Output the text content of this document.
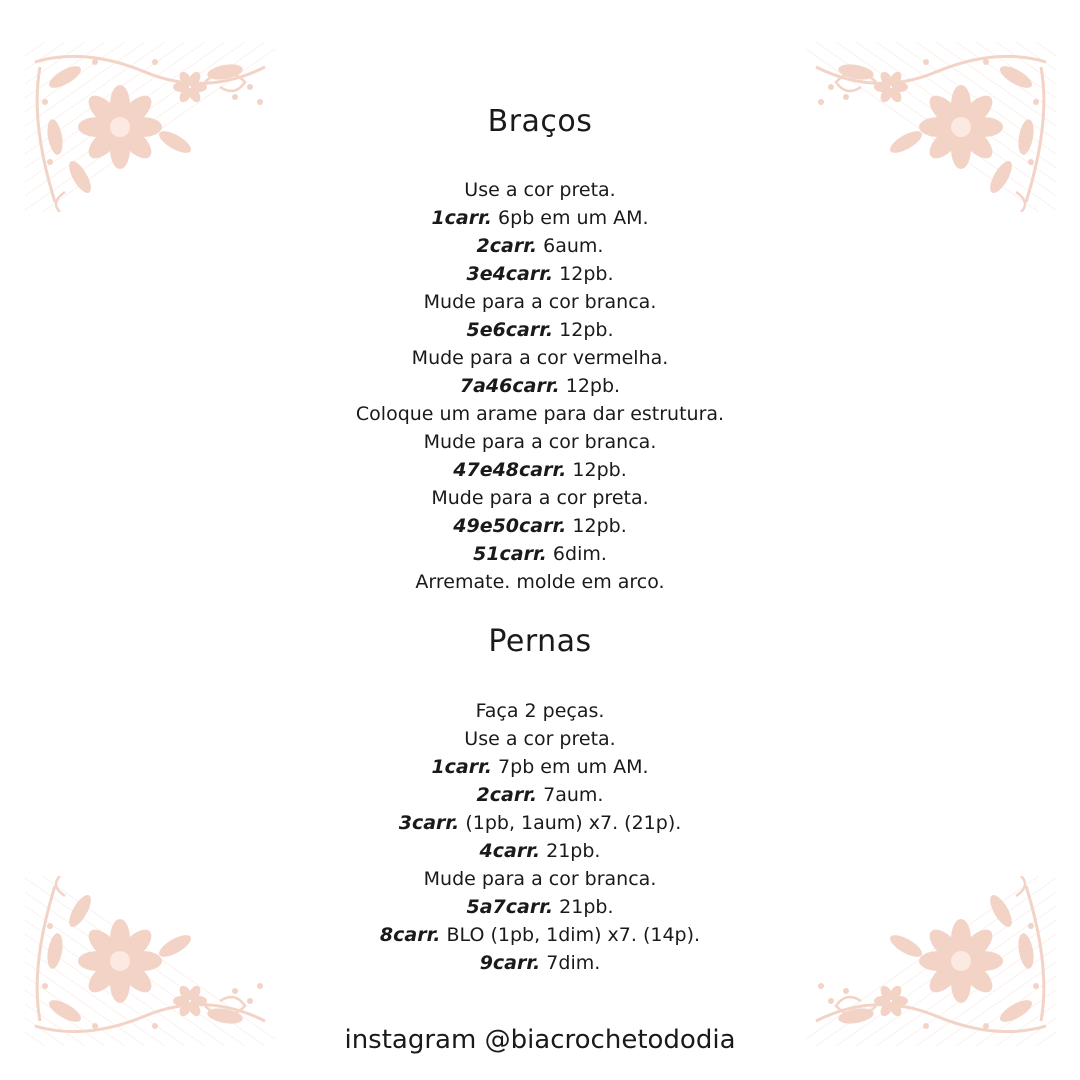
Braços
Use a cor preta.
1carr. 6pb em um AM.
2carr. 6aum.
3e4carr. 12pb.
Mude para a cor branca.
5e6carr. 12pb.
Mude para a cor vermelha.
7a46carr. 12pb.
Coloque um arame para dar estrutura.
Mude para a cor branca.
47e48carr. 12pb.
Mude para a cor preta.
49e50carr. 12pb.
51carr. 6dim.
Arremate. molde em arco.
Pernas
Faça 2 peças.
Use a cor preta.
1carr. 7pb em um AM.
2carr. 7aum.
3carr. (1pb, 1aum) x7. (21p).
4carr. 21pb.
Mude para a cor branca.
5a7carr. 21pb.
8carr. BLO (1pb, 1dim) x7. (14p).
9carr. 7dim.
instagram @biacrochetododia
